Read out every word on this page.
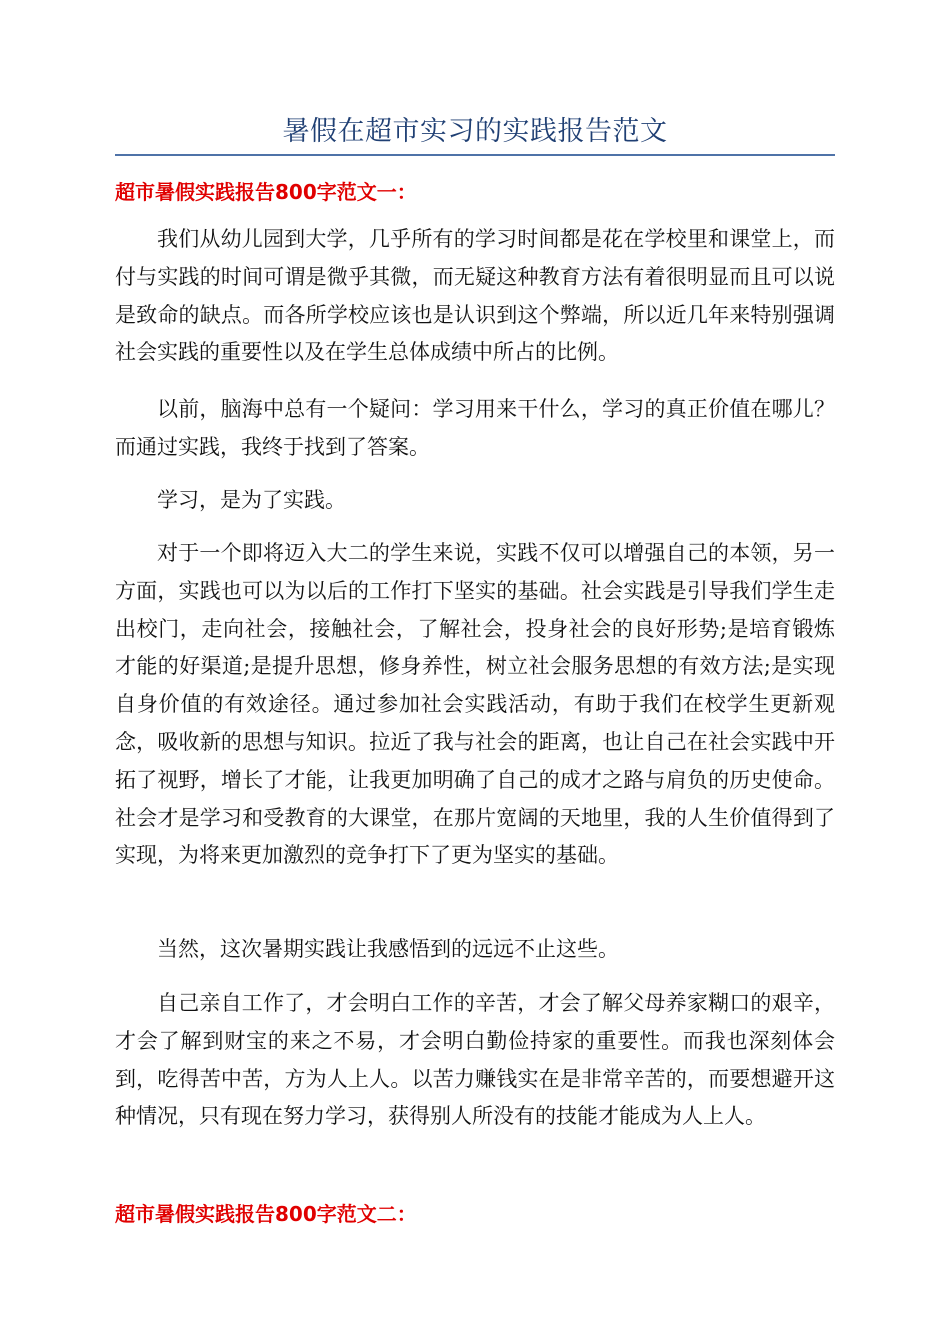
暑假在超市实习的实践报告范文
超市暑假实践报告800字范文一：

我们从幼儿园到大学，几乎所有的学习时间都是花在学校里和课堂上，而付与实践的时间可谓是微乎其微，而无疑这种教育方法有着很明显而且可以说是致命的缺点。而各所学校应该也是认识到这个弊端，所以近几年来特别强调社会实践的重要性以及在学生总体成绩中所占的比例。

以前，脑海中总有一个疑问：学习用来干什么，学习的真正价值在哪儿？而通过实践，我终于找到了答案。

学习，是为了实践。

对于一个即将迈入大二的学生来说，实践不仅可以增强自己的本领，另一方面，实践也可以为以后的工作打下坚实的基础。社会实践是引导我们学生走出校门，走向社会，接触社会，了解社会，投身社会的良好形势;是培育锻炼才能的好渠道;是提升思想，修身养性，树立社会服务思想的有效方法;是实现自身价值的有效途径。通过参加社会实践活动，有助于我们在校学生更新观念，吸收新的思想与知识。拉近了我与社会的距离，也让自己在社会实践中开拓了视野，增长了才能，让我更加明确了自己的成才之路与肩负的历史使命。社会才是学习和受教育的大课堂，在那片宽阔的天地里，我的人生价值得到了实现，为将来更加激烈的竞争打下了更为坚实的基础。

当然，这次暑期实践让我感悟到的远远不止这些。

自己亲自工作了，才会明白工作的辛苦，才会了解父母养家糊口的艰辛，才会了解到财宝的来之不易，才会明白勤俭持家的重要性。而我也深刻体会到，吃得苦中苦，方为人上人。以苦力赚钱实在是非常辛苦的，而要想避开这种情况，只有现在努力学习，获得别人所没有的技能才能成为人上人。

超市暑假实践报告800字范文二：
